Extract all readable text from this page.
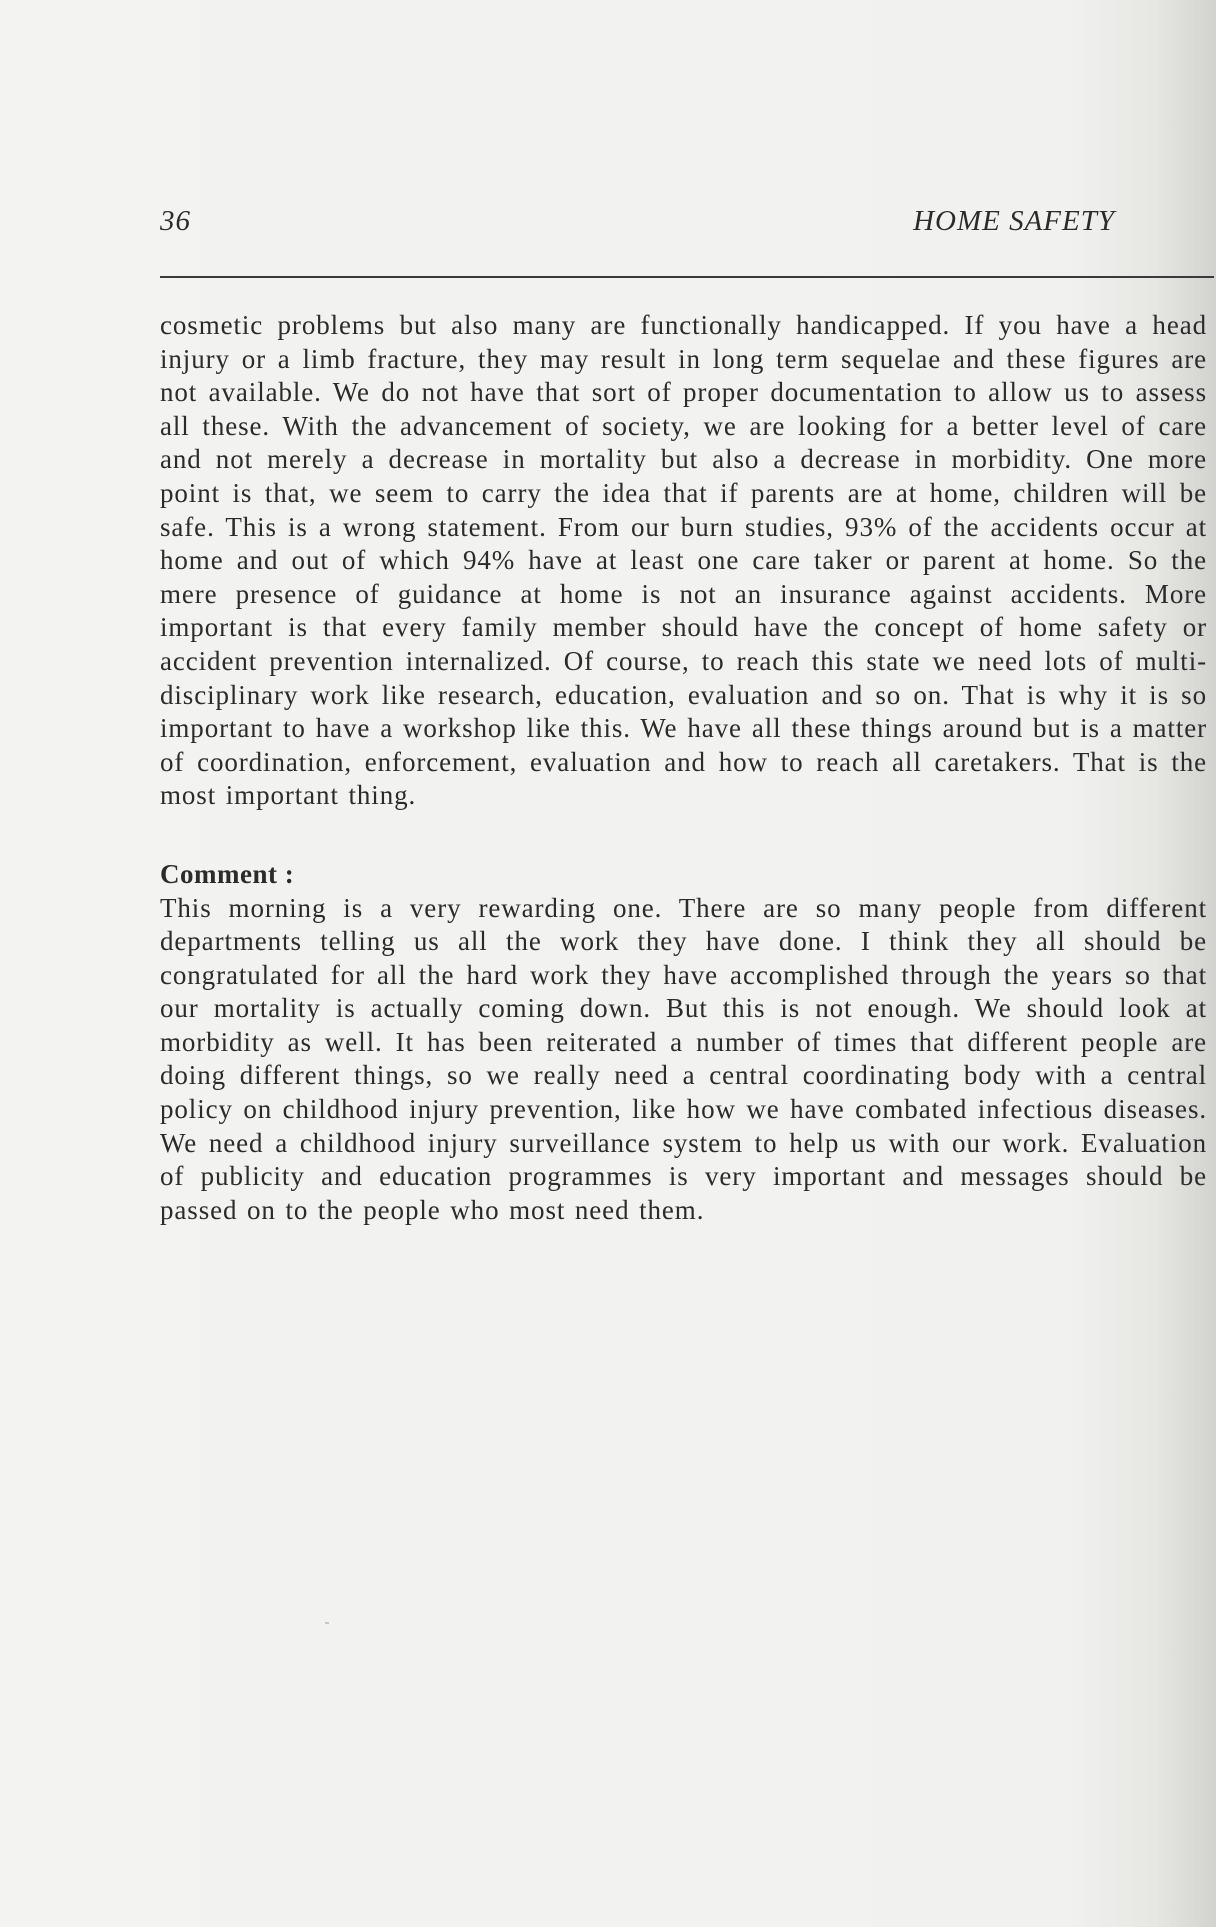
36	HOME SAFETY

cosmetic problems but also many are functionally handicapped. If you have a head injury or a limb fracture, they may result in long term sequelae and these figures are not available. We do not have that sort of proper documentation to allow us to assess all these. With the advancement of society, we are looking for a better level of care and not merely a decrease in mortality but also a decrease in morbidity. One more point is that, we seem to carry the idea that if parents are at home, children will be safe. This is a wrong statement. From our burn studies, 93% of the accidents occur at home and out of which 94% have at least one care taker or parent at home. So the mere presence of guidance at home is not an insurance against accidents. More important is that every family member should have the concept of home safety or accident prevention internalized. Of course, to reach this state we need lots of multi-disciplinary work like research, education, evaluation and so on. That is why it is so important to have a workshop like this. We have all these things around but is a matter of coordination, enforcement, evaluation and how to reach all caretakers. That is the most important thing.

Comment :

This morning is a very rewarding one. There are so many people from different departments telling us all the work they have done. I think they all should be congratulated for all the hard work they have accomplished through the years so that our mortality is actually coming down. But this is not enough. We should look at morbidity as well. It has been reiterated a number of times that different people are doing different things, so we really need a central coordinating body with a central policy on childhood injury prevention, like how we have combated infectious diseases. We need a childhood injury surveillance system to help us with our work. Evaluation of publicity and education programmes is very important and messages should be passed on to the people who most need them.
